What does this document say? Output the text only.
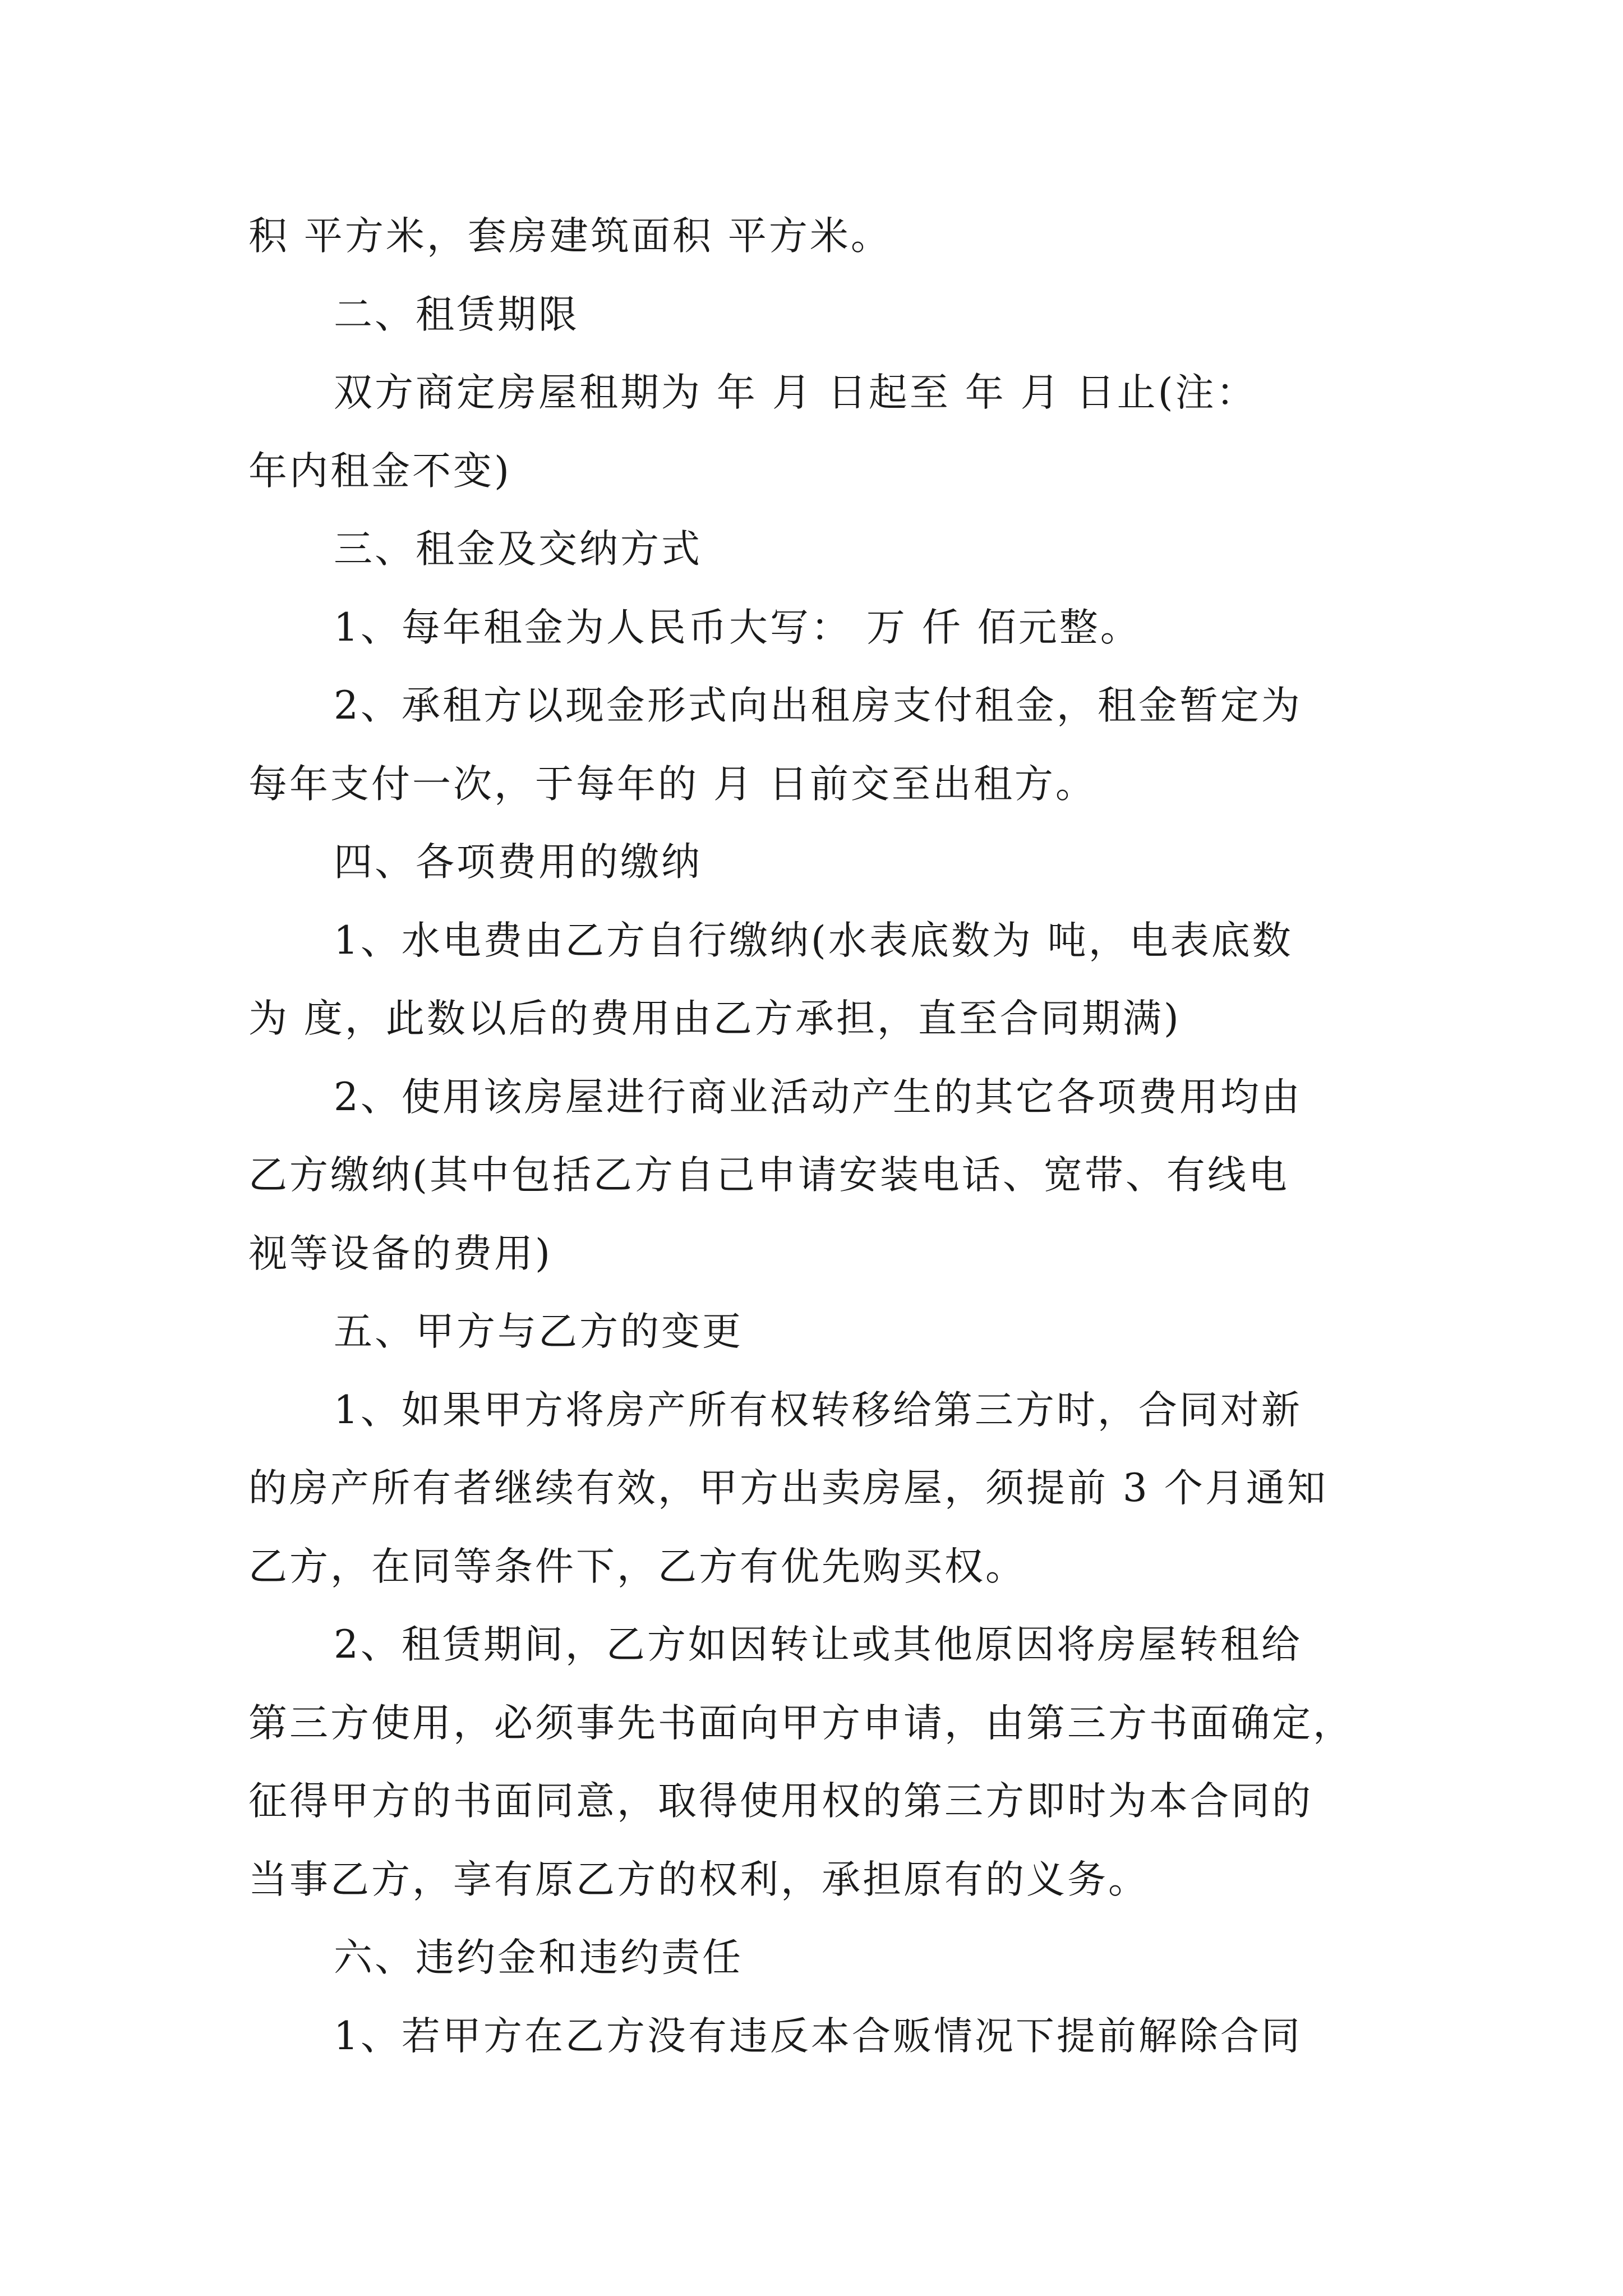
积 平方米，套房建筑面积 平方米。

二、租赁期限

双方商定房屋租期为 年 月 日起至 年 月 日止(注：
年内租金不变)

三、租金及交纳方式

1、每年租金为人民币大写： 万 仟 佰元整。

2、承租方以现金形式向出租房支付租金，租金暂定为
每年支付一次，于每年的 月 日前交至出租方。

四、各项费用的缴纳

1、水电费由乙方自行缴纳(水表底数为 吨，电表底数
为 度，此数以后的费用由乙方承担，直至合同期满)

2、使用该房屋进行商业活动产生的其它各项费用均由
乙方缴纳(其中包括乙方自己申请安装电话、宽带、有线电
视等设备的费用)

五、甲方与乙方的变更

1、如果甲方将房产所有权转移给第三方时，合同对新
的房产所有者继续有效，甲方出卖房屋，须提前 3 个月通知
乙方，在同等条件下，乙方有优先购买权。

2、租赁期间，乙方如因转让或其他原因将房屋转租给
第三方使用，必须事先书面向甲方申请，由第三方书面确定，
征得甲方的书面同意，取得使用权的第三方即时为本合同的
当事乙方，享有原乙方的权利，承担原有的义务。

六、违约金和违约责任

1、若甲方在乙方没有违反本合贩情况下提前解除合同
